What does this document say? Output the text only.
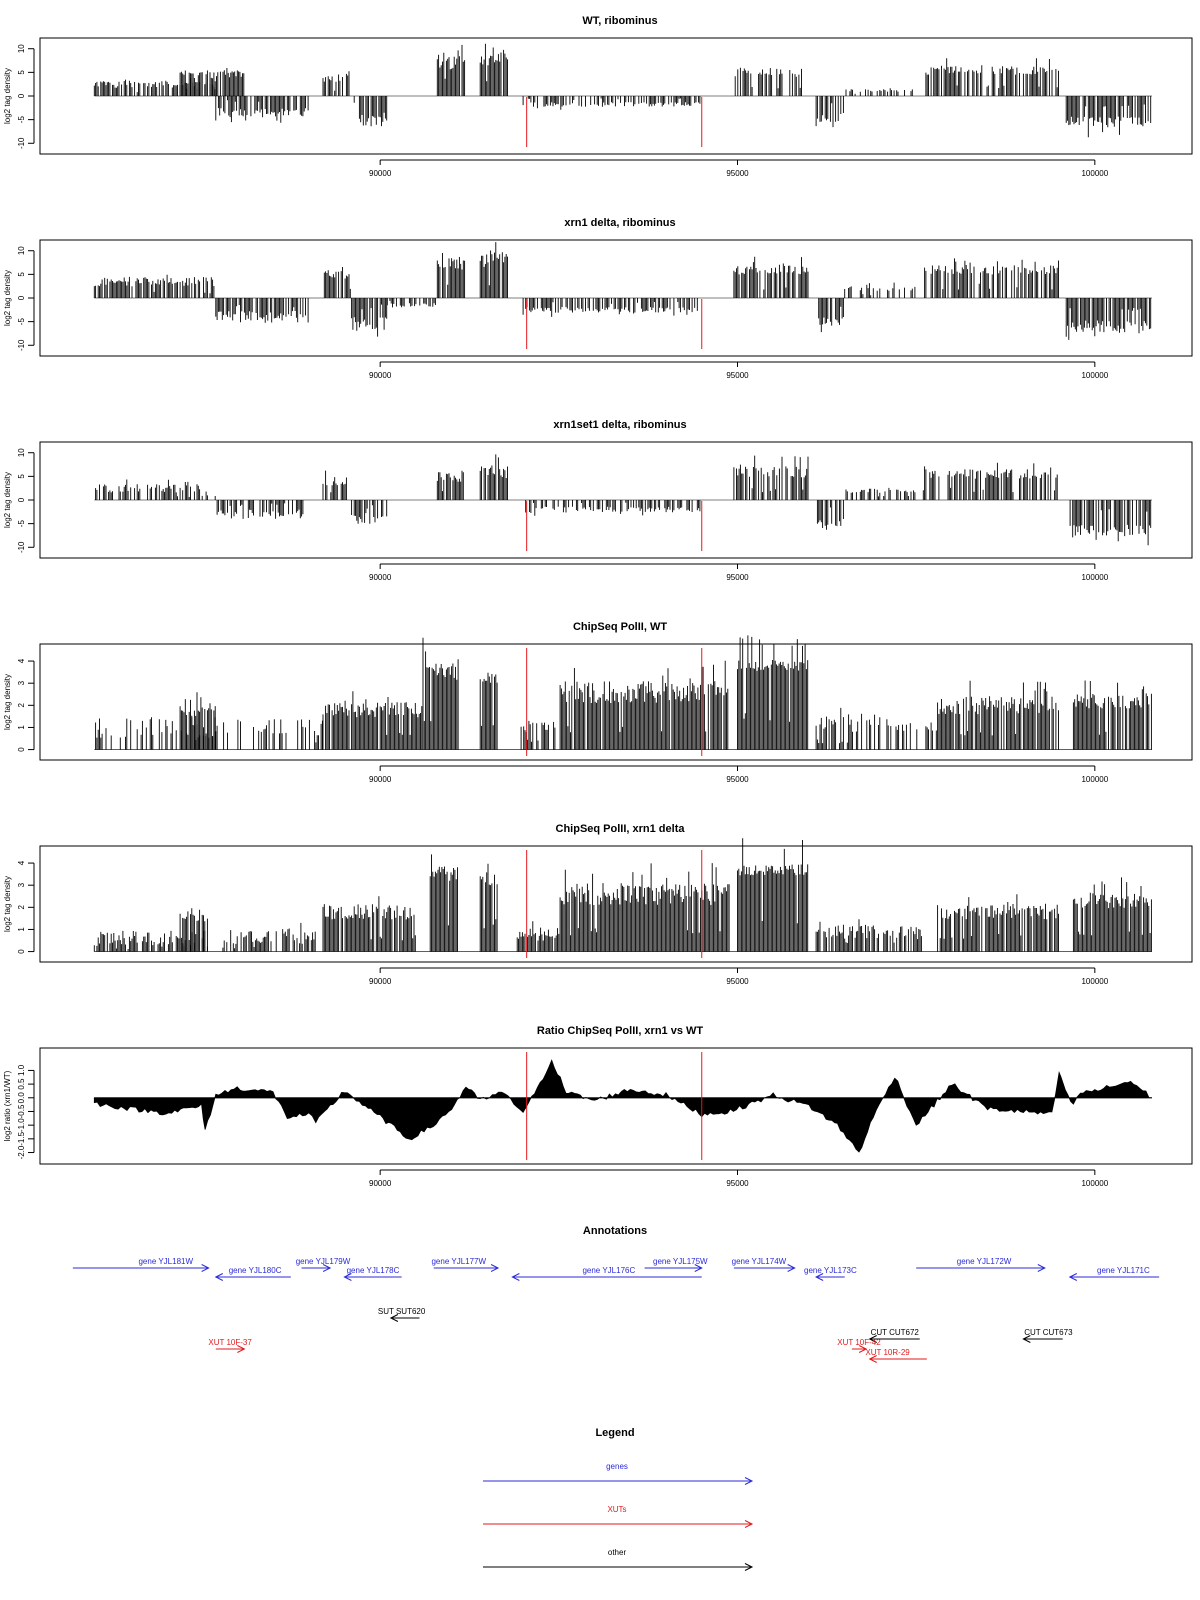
WT, ribominus
-10
-5
0
5
10
log2 tag density
90000	95000	100000
xrn1 delta, ribominus
-10
-5
0
5
10
log2 tag density
90000	95000	100000
xrn1set1 delta, ribominus
-10
-5
0
5
10
log2 tag density
90000	95000	100000
ChipSeq PolII, WT
0
1
2
3
4
log2 tag density
90000	95000	100000
ChipSeq PolII, xrn1 delta
0
1
2
3
4
log2 tag density
90000	95000	100000
Ratio ChipSeq PolII, xrn1 vs WT
-2.0
-1.5
-1.0
-0.5
0.0
0.5
1.0
log2 ratio (xrn1/WT)
90000	95000	100000
Annotations
gene YJL181W
gene YJL180C
gene YJL179W
gene YJL178C
gene YJL177W
gene YJL176C
gene YJL175W	gene YJL174W
gene YJL173C
gene YJL172W
gene YJL171C
SUT SUT620
CUT CUT672	CUT CUT673
XUT 10F-37	XUT 10F-42
XUT 10R-29
Legend
genes
XUTs
other
